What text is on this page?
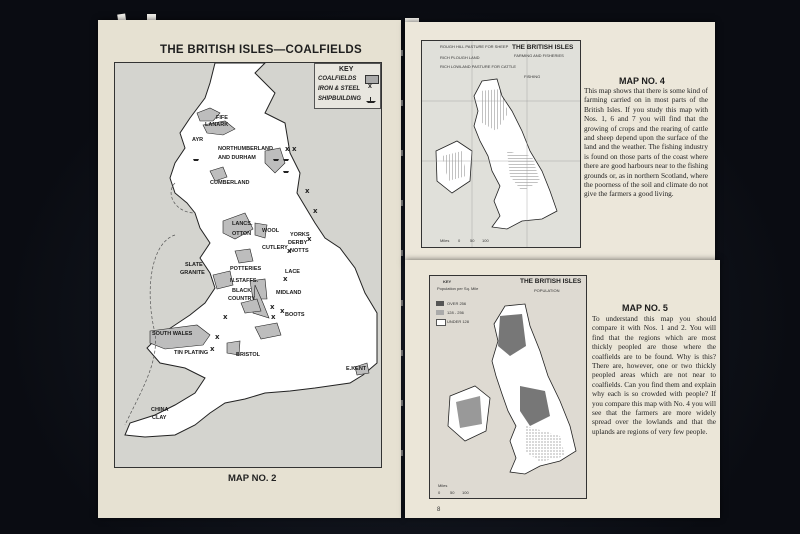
THE BRITISH ISLES—COALFIELDS
x x
x
x
x
x
x
x x
x
x
x
x
KEY
COALFIELDS
IRON & STEEL
SHIPBUILDING
x
FIFE
LANARK
AYR
NORTHUMBERLAND
AND DURHAM
CUMBERLAND
LANCS.
OTTON WOOL
YORKS
DERBY
NOTTS
CUTLERY
SLATE
GRANITE
POTTERIES
N.STAFFS.
LACE
BLACK
COUNTRY
MIDLAND
BOOTS
SOUTH WALES
TIN PLATING	BRISTOL
E.KENT
CHINA
CLAY
MAP NO. 2
THE BRITISH ISLES
FARMING AND FISHERIES
ROUGH HILL PASTURE FOR SHEEP
RICH PLOUGH LAND
RICH LOWLAND PASTURE FOR CATTLE
FISHING
Miles 0 50 100
MAP NO. 4
This map shows that there is some kind of farming carried on in most parts of the British Isles. If you study this map with Nos. 1, 6 and 7 you will find that the growing of crops and the rearing of cattle and sheep depend upon the surface of the land and the weather. The fishing industry is found on those parts of the coast where there are good harbours near to the fishing grounds or, as in northern Scotland, where the poorness of the soil and climate do not give the farmers a good living.
THE BRITISH ISLES
POPULATION
KEY
Population per Sq. Mile
OVER 256
128 - 256
UNDER 128
Miles
0 50 100
MAP NO. 5
To understand this map you should compare it with Nos. 1 and 2. You will find that the regions which are most thickly peopled are those where the coalfields are to be found. Why is this? There are, however, one or two thickly peopled areas which are not near to coalfields. Can you find them and explain why each is so crowded with people? If you compare this map with No. 4 you will see that the farmers are more widely spread over the lowlands and that the uplands are regions of very few people.
8
